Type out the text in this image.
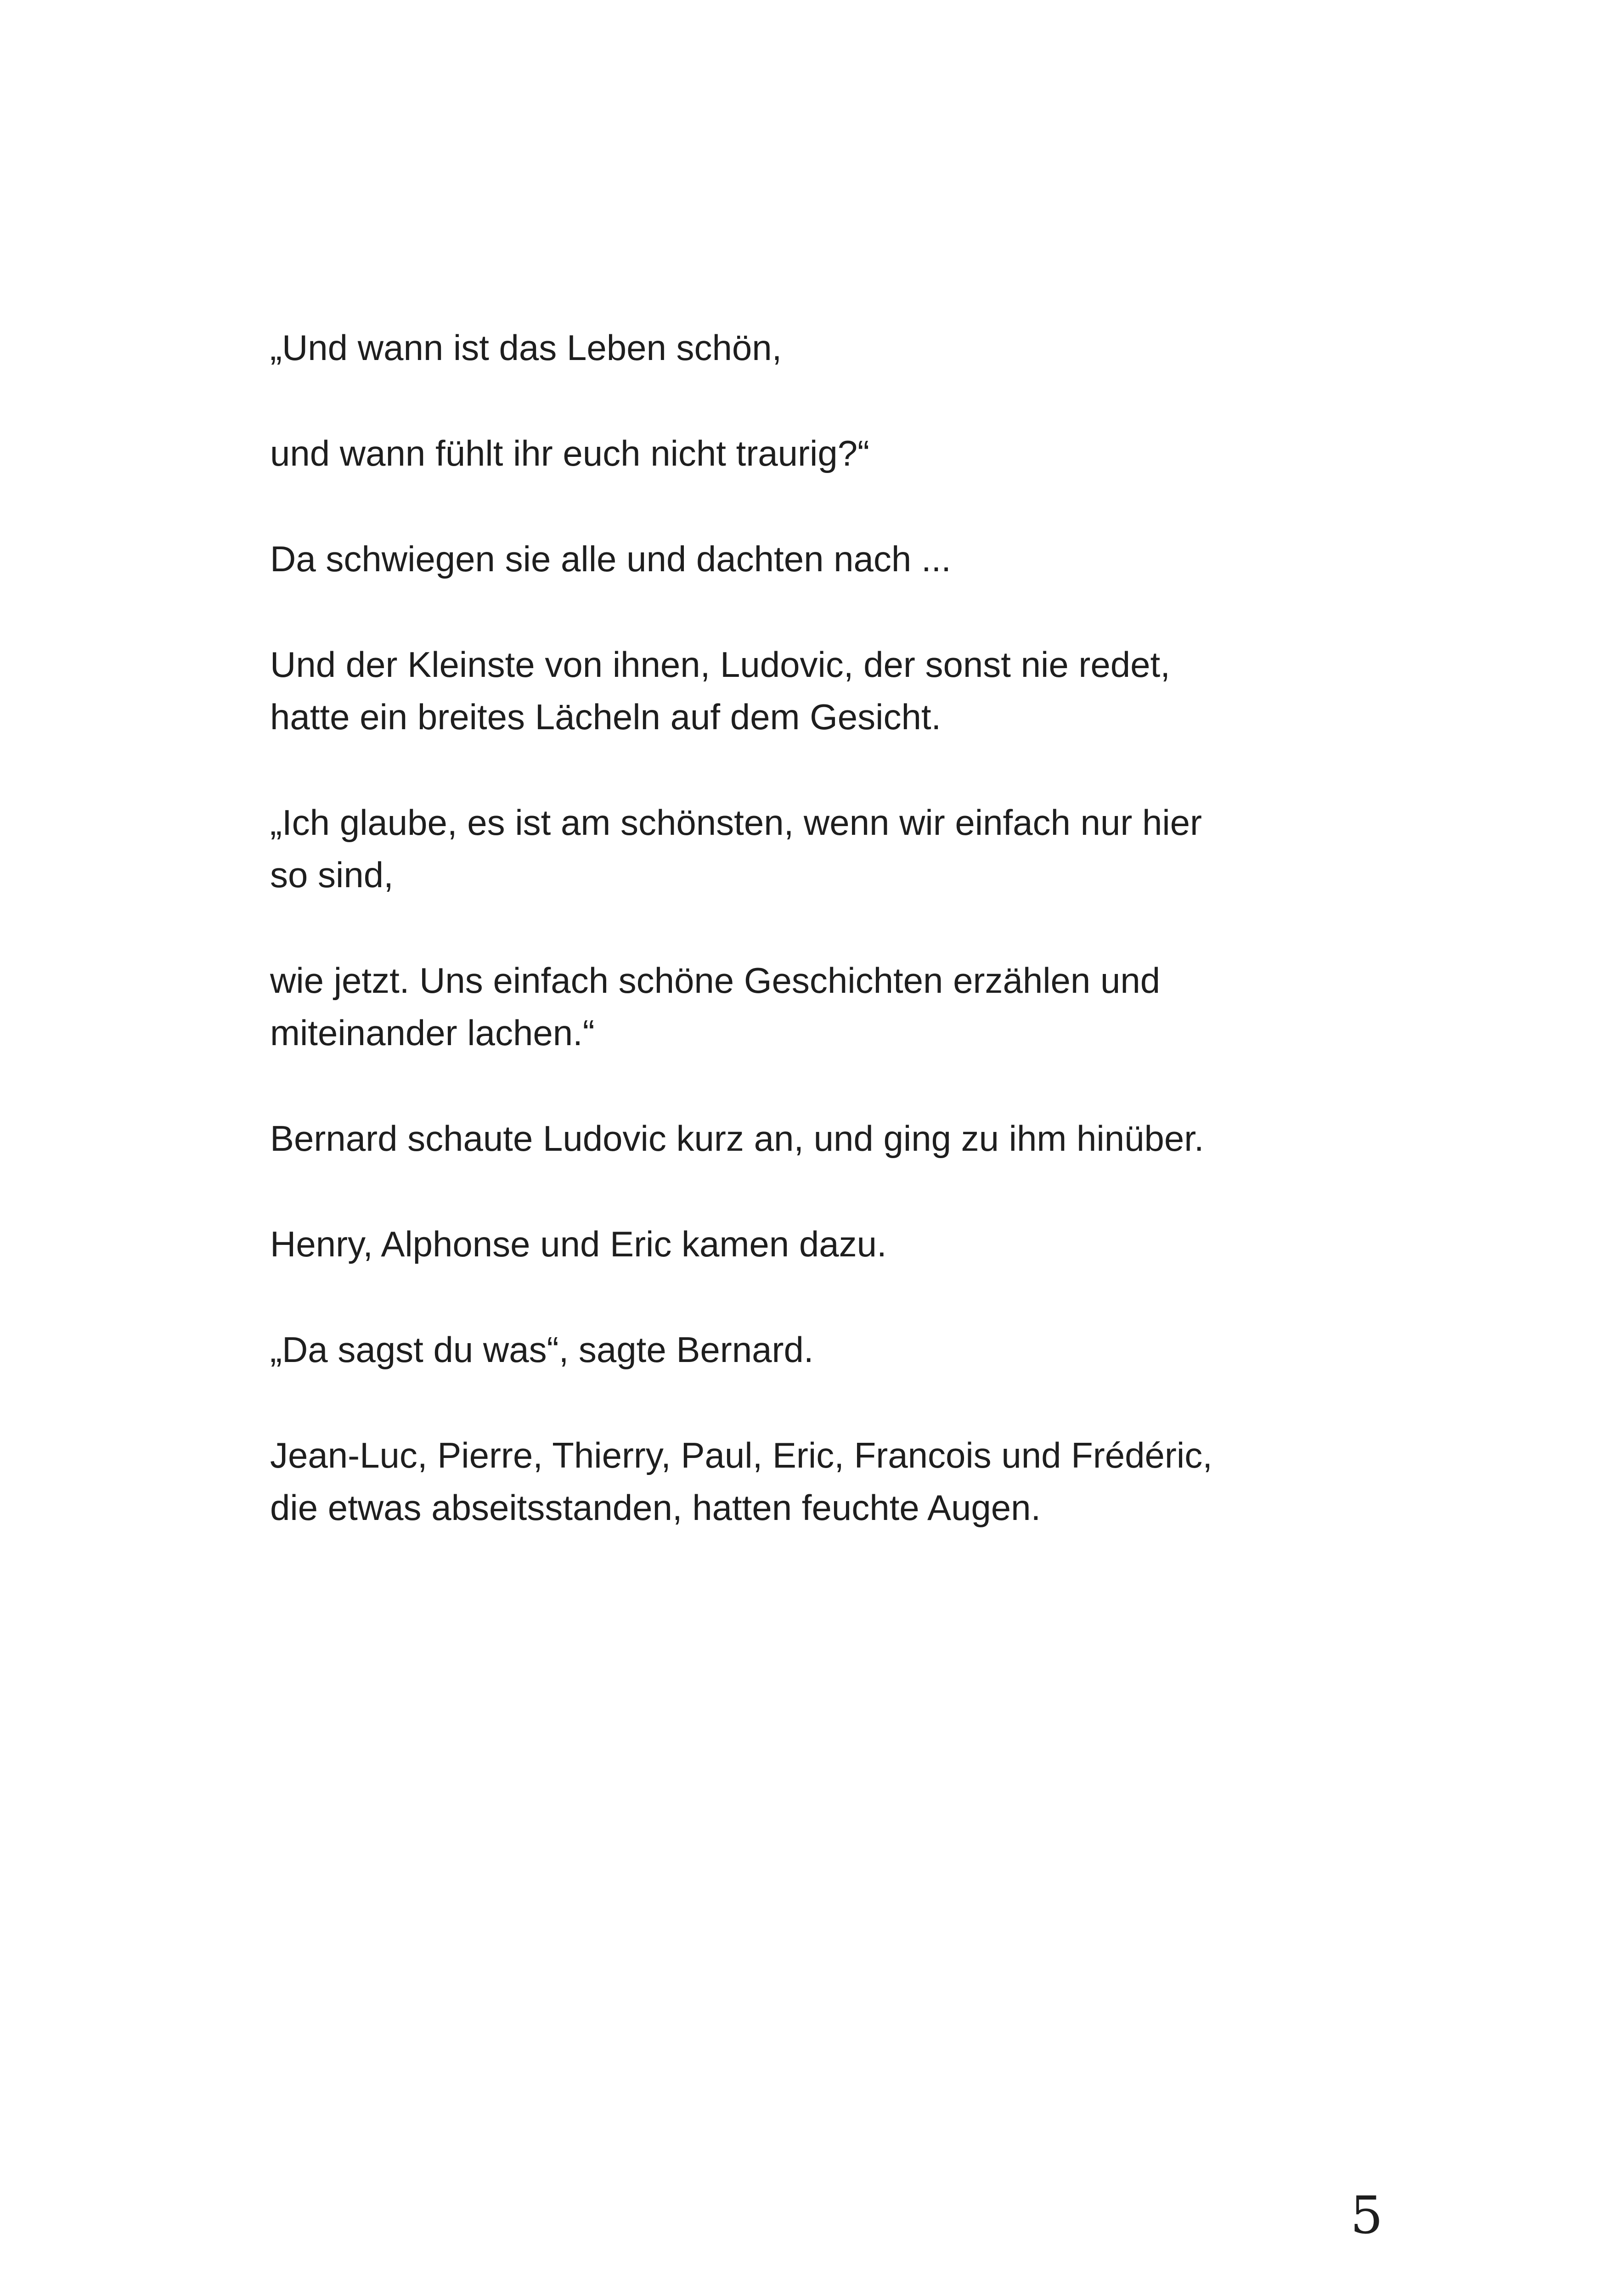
„Und wann ist das Leben schön,

und wann fühlt ihr euch nicht traurig?“

Da schwiegen sie alle und dachten nach ...

Und der Kleinste von ihnen, Ludovic, der sonst nie redet,
hatte ein breites Lächeln auf dem Gesicht.

„Ich glaube, es ist am schönsten, wenn wir einfach nur hier
so sind,

wie jetzt. Uns einfach schöne Geschichten erzählen und
miteinander lachen.“

Bernard schaute Ludovic kurz an, und ging zu ihm hinüber.

Henry, Alphonse und Eric kamen dazu.

„Da sagst du was“, sagte Bernard.

Jean-Luc, Pierre, Thierry, Paul, Eric, Francois und Frédéric,
die etwas abseitsstanden, hatten feuchte Augen.

5
